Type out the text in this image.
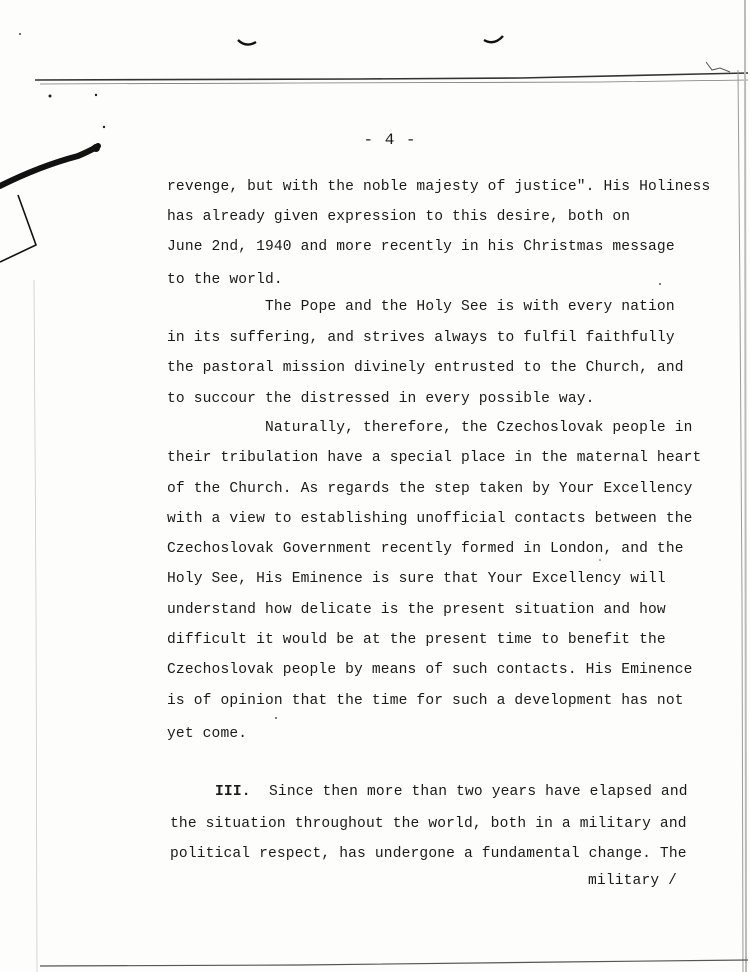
- 4 -
revenge, but with the noble majesty of justice". His Holiness
has already given expression to this desire, both on
June 2nd, 1940 and more recently in his Christmas message
to the world.
The Pope and the Holy See is with every nation
in its suffering, and strives always to fulfil faithfully
the pastoral mission divinely entrusted to the Church, and
to succour the distressed in every possible way.
Naturally, therefore, the Czechoslovak people in
their tribulation have a special place in the maternal heart
of the Church. As regards the step taken by Your Excellency
with a view to establishing unofficial contacts between the
Czechoslovak Government recently formed in London, and the
Holy See, His Eminence is sure that Your Excellency will
understand how delicate is the present situation and how
difficult it would be at the present time to benefit the
Czechoslovak people by means of such contacts. His Eminence
is of opinion that the time for such a development has not
yet come.
III. Since then more than two years have elapsed and
the situation throughout the world, both in a military and
political respect, has undergone a fundamental change. The
military /
